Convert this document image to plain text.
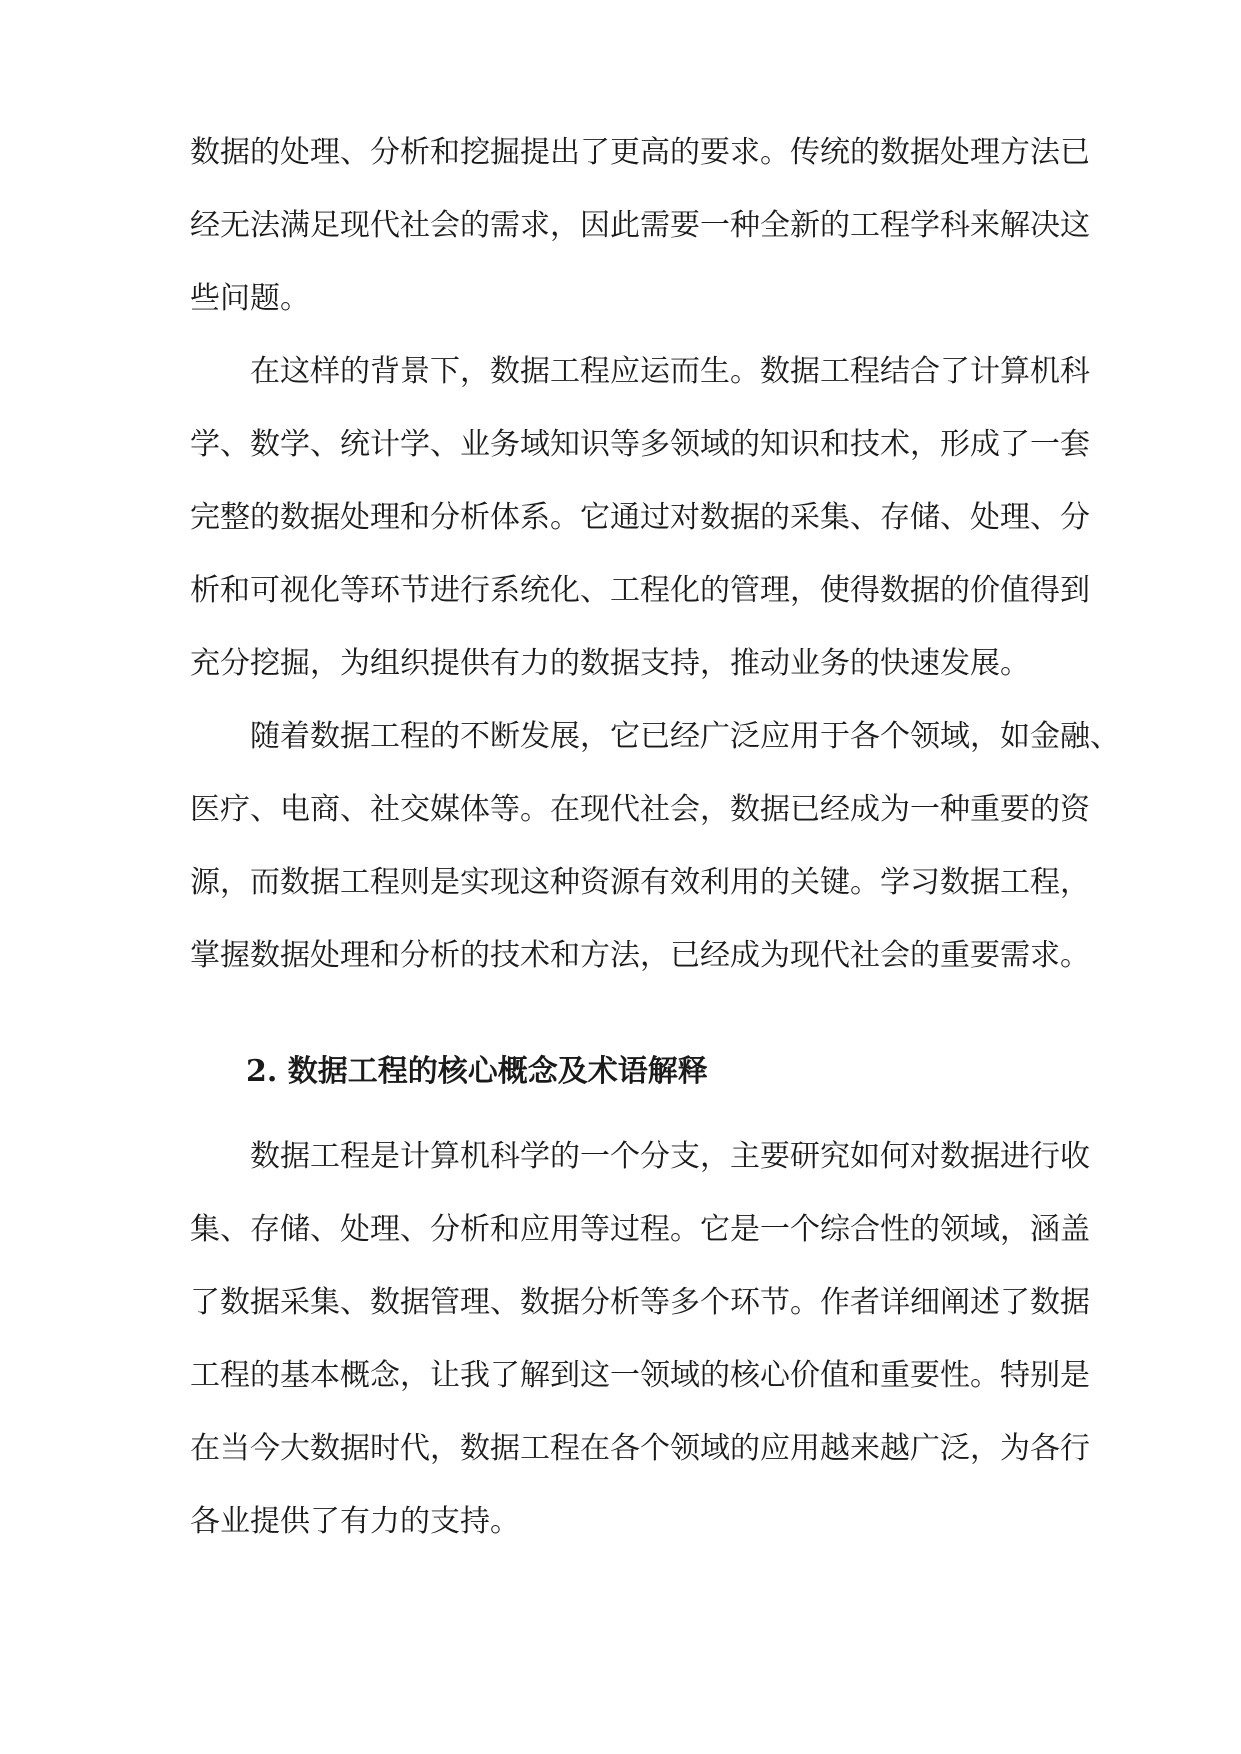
数据的处理、分析和挖掘提出了更高的要求。传统的数据处理方法已
经无法满足现代社会的需求，因此需要一种全新的工程学科来解决这
些问题。
在这样的背景下，数据工程应运而生。数据工程结合了计算机科
学、数学、统计学、业务域知识等多领域的知识和技术，形成了一套
完整的数据处理和分析体系。它通过对数据的采集、存储、处理、分
析和可视化等环节进行系统化、工程化的管理，使得数据的价值得到
充分挖掘，为组织提供有力的数据支持，推动业务的快速发展。
随着数据工程的不断发展，它已经广泛应用于各个领域，如金融、
医疗、电商、社交媒体等。在现代社会，数据已经成为一种重要的资
源，而数据工程则是实现这种资源有效利用的关键。学习数据工程，
掌握数据处理和分析的技术和方法，已经成为现代社会的重要需求。
2. 数据工程的核心概念及术语解释
数据工程是计算机科学的一个分支，主要研究如何对数据进行收
集、存储、处理、分析和应用等过程。它是一个综合性的领域，涵盖
了数据采集、数据管理、数据分析等多个环节。作者详细阐述了数据
工程的基本概念，让我了解到这一领域的核心价值和重要性。特别是
在当今大数据时代，数据工程在各个领域的应用越来越广泛，为各行
各业提供了有力的支持。
